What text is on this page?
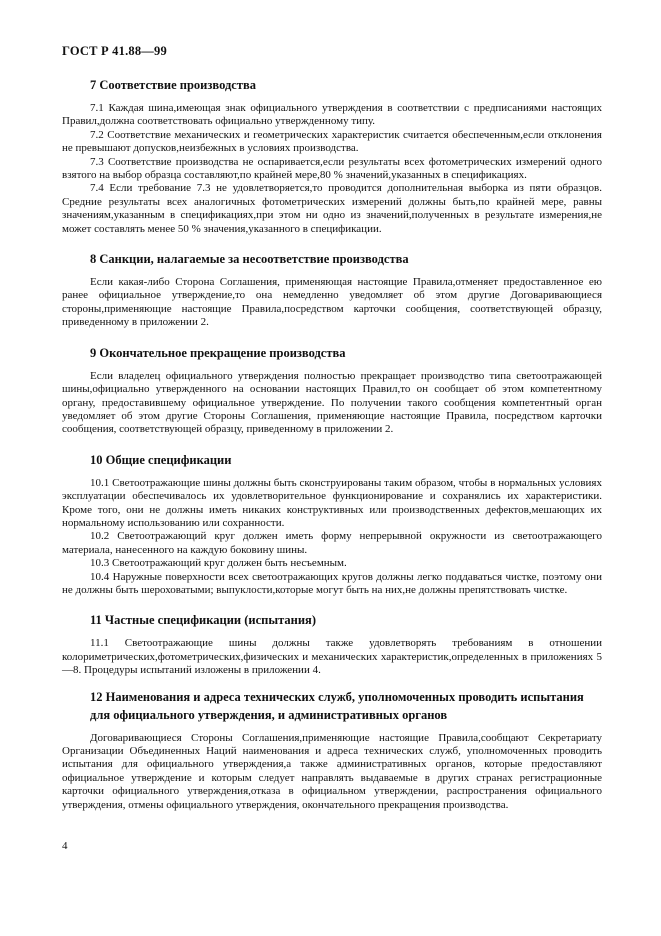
ГОСТ Р 41.88—99
7 Соответствие производства

7.1 Каждая шина,имеющая знак официального утверждения в соответствии с предписаниями настоящих Правил,должна соответствовать официально утвержденному типу.

7.2 Соответствие механических и геометрических характеристик считается обеспеченным,если отклонения не превышают допусков,неизбежных в условиях производства.

7.3 Соответствие производства не оспаривается,если результаты всех фотометрических измерений одного взятого на выбор образца составляют,по крайней мере,80 % значений,указанных в спецификациях.

7.4 Если требование 7.3 не удовлетворяется,то проводится дополнительная выборка из пяти образцов. Средние результаты всех аналогичных фотометрических измерений должны быть,по крайней мере, равны значениям,указанным в спецификациях,при этом ни одно из значений,полученных в результате измерения,не может составлять менее 50 % значения,указанного в спецификации.

8 Санкции, налагаемые за несоответствие производства

Если какая-либо Сторона Соглашения, применяющая настоящие Правила,отменяет предоставленное ею ранее официальное утверждение,то она немедленно уведомляет об этом другие Договаривающиеся стороны,применяющие настоящие Правила,посредством карточки сообщения, соответствующей образцу, приведенному в приложении 2.

9 Окончательное прекращение производства

Если владелец официального утверждения полностью прекращает производство типа светоотражающей шины,официально утвержденного на основании настоящих Правил,то он сообщает об этом компетентному органу, предоставившему официальное утверждение. По получении такого сообщения компетентный орган уведомляет об этом другие Стороны Соглашения, применяющие настоящие Правила, посредством карточки сообщения, соответствующей образцу, приведенному в приложении 2.

10 Общие спецификации

10.1 Светоотражающие шины должны быть сконструированы таким образом, чтобы в нормальных условиях эксплуатации обеспечивалось их удовлетворительное функционирование и сохранялись их характеристики. Кроме того, они не должны иметь никаких конструктивных или производственных дефектов,мешающих их нормальному использованию или сохранности.

10.2 Светоотражающий круг должен иметь форму непрерывной окружности из светоотражающего материала, нанесенного на каждую боковину шины.

10.3 Светоотражающий круг должен быть несъемным.

10.4 Наружные поверхности всех светоотражающих кругов должны легко поддаваться чистке, поэтому они не должны быть шероховатыми; выпуклости,которые могут быть на них,не должны препятствовать чистке.

11 Частные спецификации (испытания)

11.1 Светоотражающие шины должны также удовлетворять требованиям в отношении колориметрических,фотометрических,физических и механических характеристик,определенных в приложениях 5—8. Процедуры испытаний изложены в приложении 4.

12 Наименования и адреса технических служб, уполномоченных проводить испытания для официального утверждения, и административных органов

Договаривающиеся Стороны Соглашения,применяющие настоящие Правила,сообщают Секретариату Организации Объединенных Наций наименования и адреса технических служб, уполномоченных проводить испытания для официального утверждения,а также административных органов, которые предоставляют официальное утверждение и которым следует направлять выдаваемые в других странах регистрационные карточки официального утверждения,отказа в официальном утверждении, распространения официального утверждения, отмены официального утверждения, окончательного прекращения производства.

4
